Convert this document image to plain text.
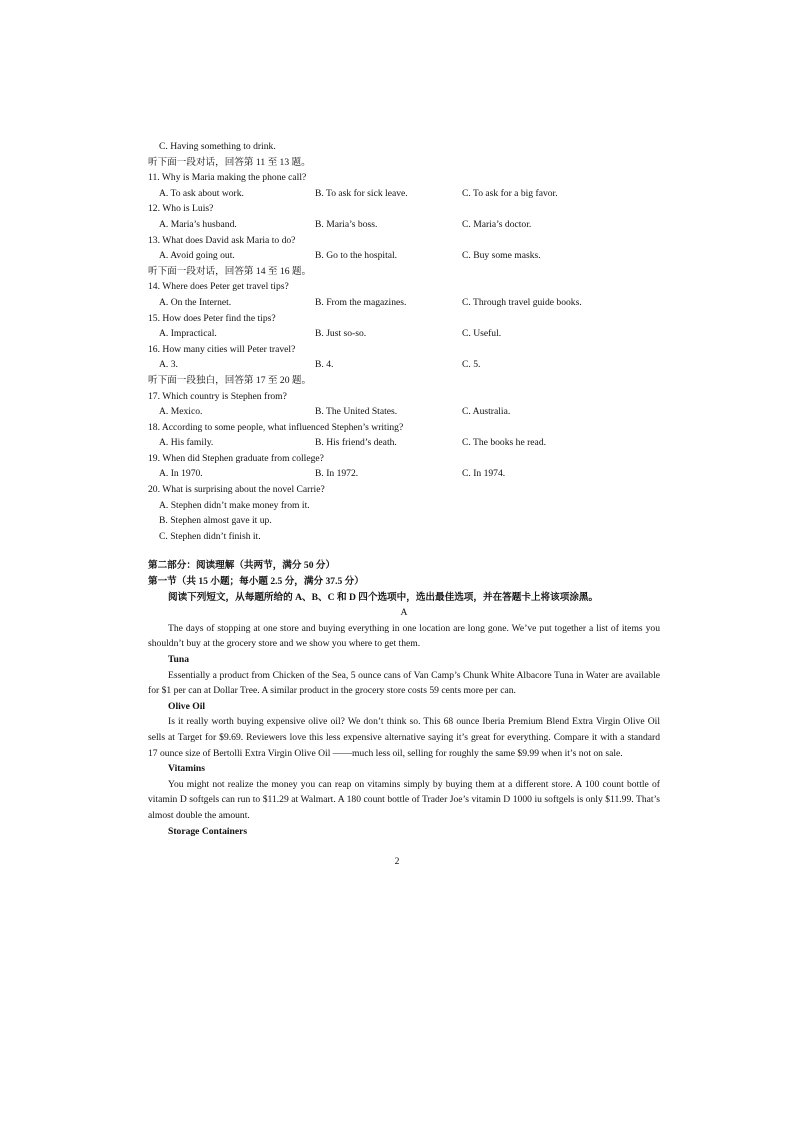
C. Having something to drink.
听下面一段对话，回答第 11 至 13 题。
11. Why is Maria making the phone call?
A. To ask about work.	B. To ask for sick leave.	C. To ask for a big favor.
12. Who is Luis?
A. Maria’s husband.	B. Maria’s boss.	C. Maria’s doctor.
13. What does David ask Maria to do?
A. Avoid going out.	B. Go to the hospital.	C. Buy some masks.
听下面一段对话，回答第 14 至 16 题。
14. Where does Peter get travel tips?
A. On the Internet.	B. From the magazines.	C. Through travel guide books.
15. How does Peter find the tips?
A. Impractical.	B. Just so-so.	C. Useful.
16. How many cities will Peter travel?
A. 3.	B. 4.	C. 5.
听下面一段独白，回答第 17 至 20 题。
17. Which country is Stephen from?
A. Mexico.	B. The United States.	C. Australia.
18. According to some people, what influenced Stephen’s writing?
A. His family.	B. His friend’s death.	C. The books he read.
19. When did Stephen graduate from college?
A. In 1970.	B. In 1972.	C. In 1974.
20. What is surprising about the novel Carrie?
A. Stephen didn’t make money from it.
B. Stephen almost gave it up.
C. Stephen didn’t finish it.
第二部分：阅读理解（共两节，满分 50 分）
第一节（共 15 小题；每小题 2.5 分，满分 37.5 分）
阅读下列短文，从每题所给的 A、B、C 和 D 四个选项中，选出最佳选项，并在答题卡上将该项涂黑。
A
The days of stopping at one store and buying everything in one location are long gone. We’ve put together a list of items you shouldn’t buy at the grocery store and we show you where to get them.
Tuna
Essentially a product from Chicken of the Sea, 5 ounce cans of Van Camp’s Chunk White Albacore Tuna in Water are available for $1 per can at Dollar Tree. A similar product in the grocery store costs 59 cents more per can.
Olive Oil
Is it really worth buying expensive olive oil? We don’t think so. This 68 ounce Iberia Premium Blend Extra Virgin Olive Oil sells at Target for $9.69. Reviewers love this less expensive alternative saying it’s great for everything. Compare it with a standard 17 ounce size of Bertolli Extra Virgin Olive Oil ——much less oil, selling for roughly the same $9.99 when it’s not on sale.
Vitamins
You might not realize the money you can reap on vitamins simply by buying them at a different store. A 100 count bottle of vitamin D softgels can run to $11.29 at Walmart. A 180 count bottle of Trader Joe’s vitamin D 1000 iu softgels is only $11.99. That’s almost double the amount.
Storage Containers
2
